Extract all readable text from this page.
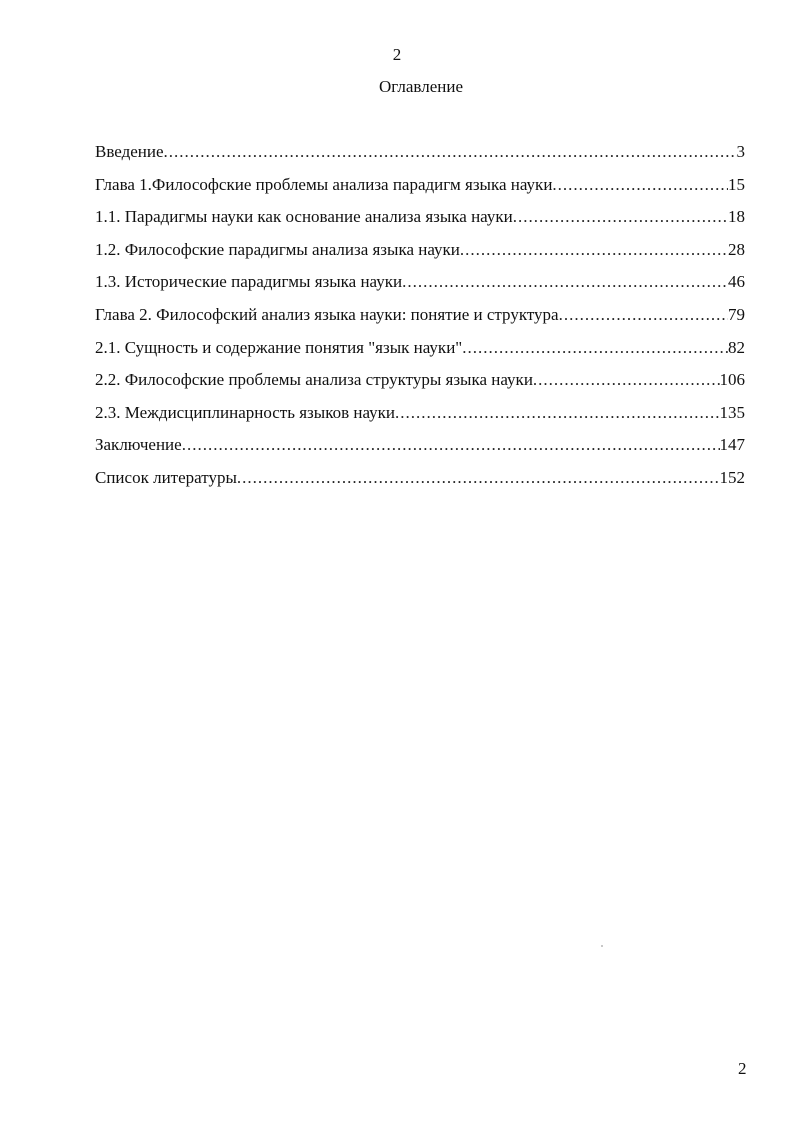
2
Оглавление
Введение .....	3
Глава 1.Философские проблемы анализа парадигм языка науки .....	15
1.1. Парадигмы науки как основание анализа языка науки .....	18
1.2. Философские парадигмы анализа языка науки .....	28
1.3. Исторические парадигмы языка науки .....	46
Глава 2. Философский анализ языка науки: понятие и структура .....	79
2.1. Сущность и содержание понятия "язык науки" .....	82
2.2. Философские проблемы анализа структуры языка науки .....	106
2.3. Междисциплинарность языков науки .....	135
Заключение .....	147
Список литературы .....	152
2
